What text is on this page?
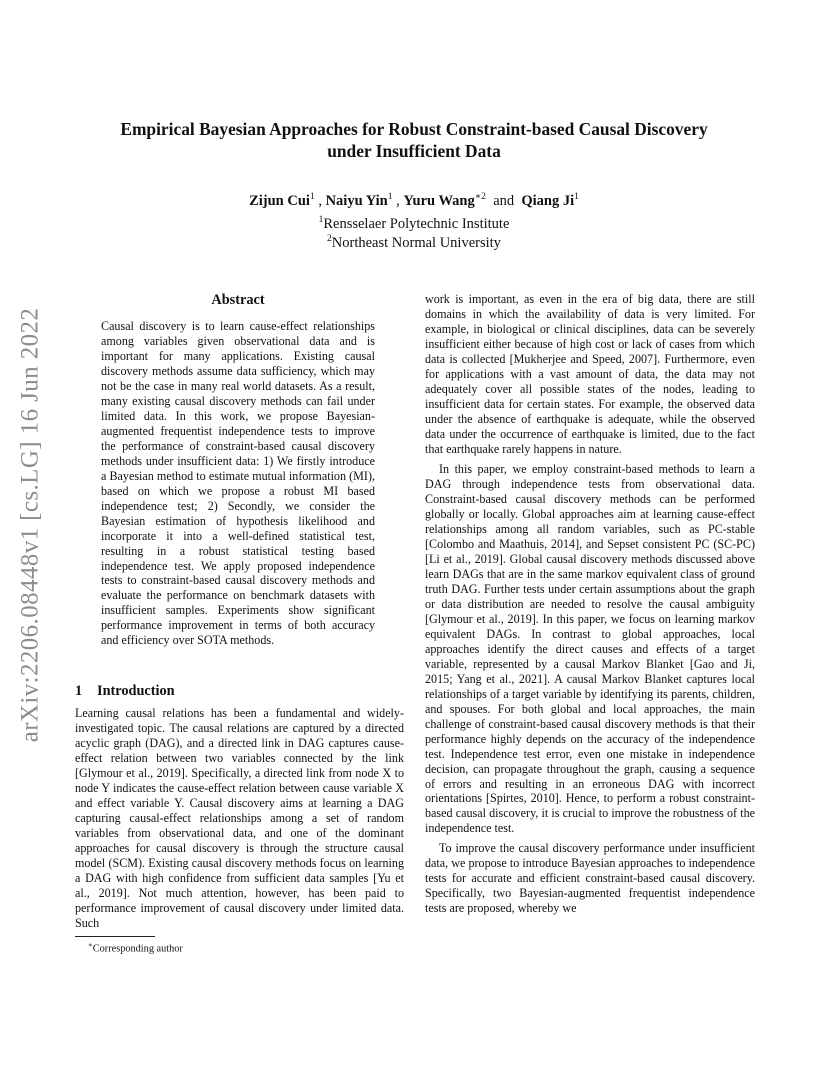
arXiv:2206.08448v1 [cs.LG] 16 Jun 2022
Empirical Bayesian Approaches for Robust Constraint-based Causal Discovery
under Insufficient Data
Zijun Cui$^1$ , Naiyu Yin$^1$ , Yuru Wang$^{∗2}$  and  Qiang Ji$^1$
$^1$Rensselaer Polytechnic Institute
$^2$Northeast Normal University
Abstract
Causal discovery is to learn cause-effect relationships among variables given observational data and is important for many applications. Existing causal discovery methods assume data sufficiency, which may not be the case in many real world datasets. As a result, many existing causal discovery methods can fail under limited data. In this work, we propose Bayesian-augmented frequentist independence tests to improve the performance of constraint-based causal discovery methods under insufficient data: 1) We firstly introduce a Bayesian method to estimate mutual information (MI), based on which we propose a robust MI based independence test; 2) Secondly, we consider the Bayesian estimation of hypothesis likelihood and incorporate it into a well-defined statistical test, resulting in a robust statistical testing based independence test. We apply proposed independence tests to constraint-based causal discovery methods and evaluate the performance on benchmark datasets with insufficient samples. Experiments show significant performance improvement in terms of both accuracy and efficiency over SOTA methods.
1 Introduction
Learning causal relations has been a fundamental and widely-investigated topic. The causal relations are captured by a directed acyclic graph (DAG), and a directed link in DAG captures cause-effect relation between two variables connected by the link [Glymour et al., 2019]. Specifically, a directed link from node X to node Y indicates the cause-effect relation between cause variable X and effect variable Y. Causal discovery aims at learning a DAG capturing causal-effect relationships among a set of random variables from observational data, and one of the dominant approaches for causal discovery is through the structure causal model (SCM). Existing causal discovery methods focus on learning a DAG with high confidence from sufficient data samples [Yu et al., 2019]. Not much attention, however, has been paid to performance improvement of causal discovery under limited data. Such

work is important, as even in the era of big data, there are still domains in which the availability of data is very limited. For example, in biological or clinical disciplines, data can be severely insufficient either because of high cost or lack of cases from which data is collected [Mukherjee and Speed, 2007]. Furthermore, even for applications with a vast amount of data, the data may not adequately cover all possible states of the nodes, leading to insufficient data for certain states. For example, the observed data under the absence of earthquake is adequate, while the observed data under the occurrence of earthquake is limited, due to the fact that earthquake rarely happens in nature.

In this paper, we employ constraint-based methods to learn a DAG through independence tests from observational data. Constraint-based causal discovery methods can be performed globally or locally. Global approaches aim at learning cause-effect relationships among all random variables, such as PC-stable [Colombo and Maathuis, 2014], and Sepset consistent PC (SC-PC) [Li et al., 2019]. Global causal discovery methods discussed above learn DAGs that are in the same markov equivalent class of ground truth DAG. Further tests under certain assumptions about the graph or data distribution are needed to resolve the causal ambiguity [Glymour et al., 2019]. In this paper, we focus on learning markov equivalent DAGs. In contrast to global approaches, local approaches identify the direct causes and effects of a target variable, represented by a causal Markov Blanket [Gao and Ji, 2015; Yang et al., 2021]. A causal Markov Blanket captures local relationships of a target variable by identifying its parents, children, and spouses. For both global and local approaches, the main challenge of constraint-based causal discovery methods is that their performance highly depends on the accuracy of the independence test. Independence test error, even one mistake in independence decision, can propagate throughout the graph, causing a sequence of errors and resulting in an erroneous DAG with incorrect orientations [Spirtes, 2010]. Hence, to perform a robust constraint-based causal discovery, it is crucial to improve the robustness of the independence test.

To improve the causal discovery performance under insufficient data, we propose to introduce Bayesian approaches to independence tests for accurate and efficient constraint-based causal discovery. Specifically, two Bayesian-augmented frequentist independence tests are proposed, whereby we

∗Corresponding author
